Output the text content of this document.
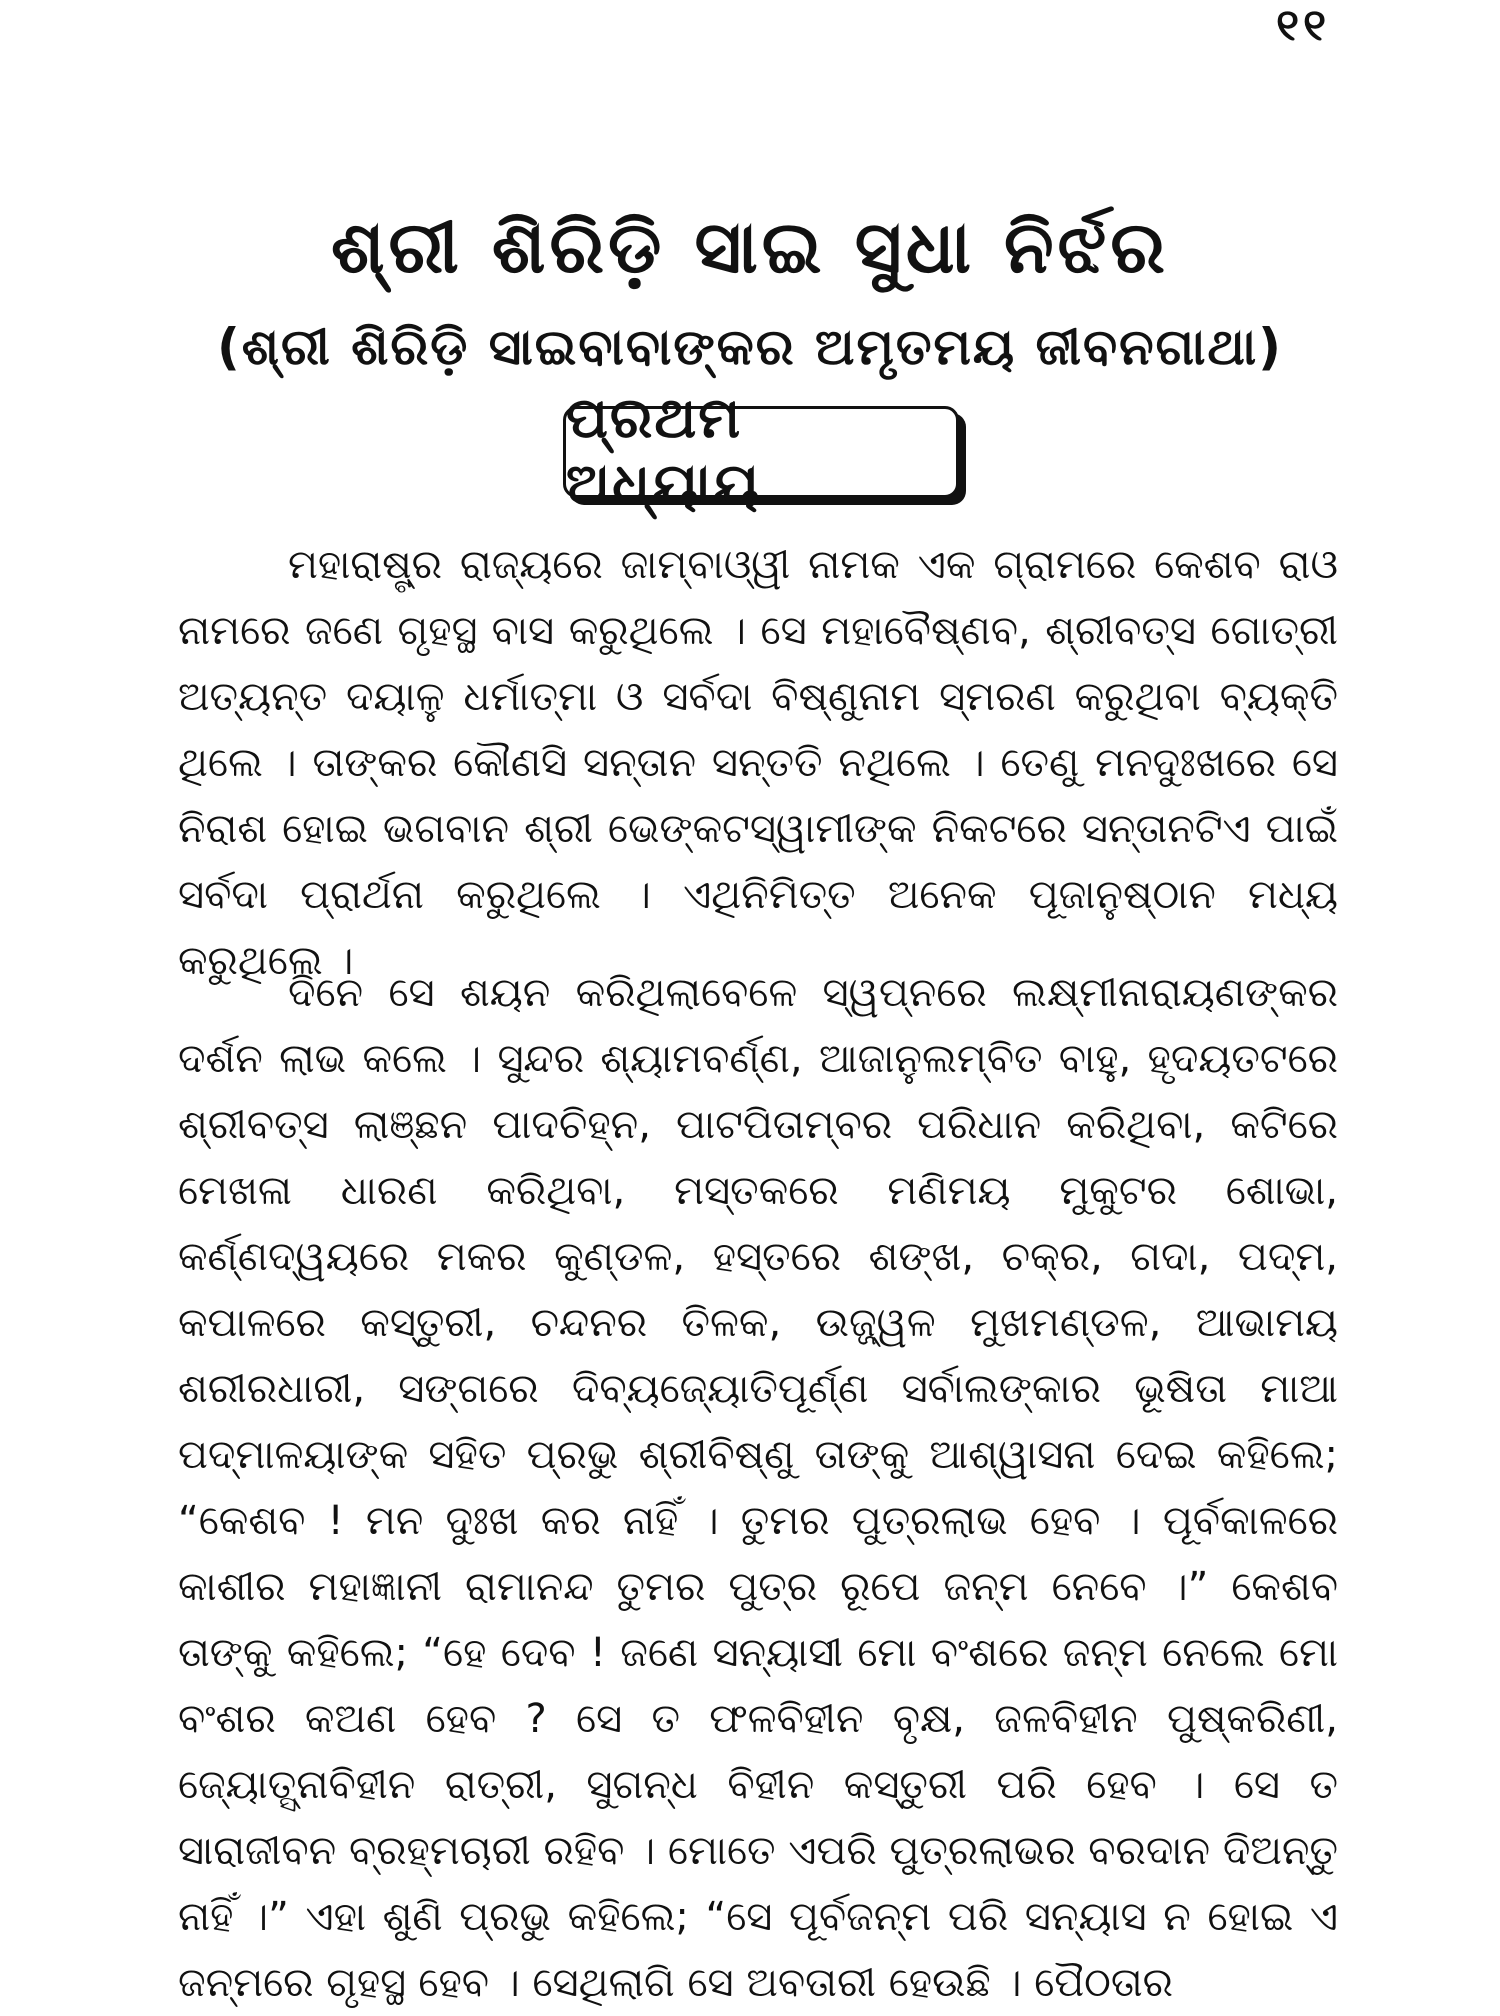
୧୧
ଶ୍ରୀ ଶିରିଡ଼ି ସାଇ ସୁଧା ନିର୍ଝର
(ଶ୍ରୀ ଶିରିଡ଼ି ସାଇବାବାଙ୍କର ଅମୃତମୟ ଜୀବନଗାଥା)
ପ୍ରଥମ ଅଧ୍ୟାୟ

ମହାରାଷ୍ଟ୍ର ରାଜ୍ୟରେ ଜାମ୍‌ବାଓ୍ୱୀ ନାମକ ଏକ ଗ୍ରାମରେ କେଶବ ରାଓ ନାମରେ ଜଣେ ଗୃହସ୍ଥ ବାସ କରୁଥିଲେ । ସେ ମହାବୈଷ୍ଣବ, ଶ୍ରୀବତ୍ସ ଗୋତ୍ରୀ ଅତ୍ୟନ୍ତ ଦୟାଳୁ ଧର୍ମାତ୍ମା ଓ ସର୍ବଦା ବିଷ୍ଣୁନାମ ସ୍ମରଣ କରୁଥିବା ବ୍ୟକ୍ତି ଥିଲେ । ତାଙ୍କର କୌଣସି ସନ୍ତାନ ସନ୍ତତି ନଥିଲେ । ତେଣୁ ମନଦୁଃଖରେ ସେ ନିରାଶ ହୋଇ ଭଗବାନ ଶ୍ରୀ ଭେଙ୍କଟସ୍ୱାମୀଙ୍କ ନିକଟରେ ସନ୍ତାନଟିଏ ପାଇଁ ସର୍ବଦା ପ୍ରାର୍ଥନା କରୁଥିଲେ । ଏଥିନିମିତ୍ତ ଅନେକ ପୂଜାନୁଷ୍ଠାନ ମଧ୍ୟ କରୁଥିଲେ ।

ଦିନେ ସେ ଶୟନ କରିଥିଲାବେଳେ ସ୍ୱପ୍ନରେ ଲକ୍ଷ୍ମୀନାରାୟଣଙ୍କର ଦର୍ଶନ ଲାଭ କଲେ । ସୁନ୍ଦର ଶ୍ୟାମବର୍ଣ୍ଣ, ଆଜାନୁଲମ୍ବିତ ବାହୁ, ହୃଦୟତଟରେ ଶ୍ରୀବତ୍ସ ଲାଞ୍ଛନ ପାଦଚିହ୍ନ, ପାଟପିତାମ୍ବର ପରିଧାନ କରିଥିବା, କଟିରେ ମେଖଳା ଧାରଣ କରିଥିବା, ମସ୍ତକରେ ମଣିମୟ ମୁକୁଟର ଶୋଭା, କର୍ଣ୍ଣଦ୍ୱୟରେ ମକର କୁଣ୍ଡଳ, ହସ୍ତରେ ଶଙ୍ଖ, ଚକ୍ର, ଗଦା, ପଦ୍ମ, କପାଳରେ କସ୍ତୁରୀ, ଚନ୍ଦନର ତିଳକ, ଉଜ୍ଜ୍ୱଳ ମୁଖମଣ୍ଡଳ, ଆଭାମୟ ଶରୀରଧାରୀ, ସଙ୍ଗରେ ଦିବ୍ୟଜ୍ୟୋତିପୂର୍ଣ୍ଣ ସର୍ବାଲଙ୍କାର ଭୂଷିତା ମାଆ ପଦ୍ମାଳୟାଙ୍କ ସହିତ ପ୍ରଭୁ ଶ୍ରୀବିଷ୍ଣୁ ତାଙ୍କୁ ଆଶ୍ୱାସନା ଦେଇ କହିଲେ; “କେଶବ ! ମନ ଦୁଃଖ କର ନାହିଁ । ତୁମର ପୁତ୍ରଲାଭ ହେବ । ପୂର୍ବକାଳରେ କାଶୀର ମହାଜ୍ଞାନୀ ରାମାନନ୍ଦ ତୁମର ପୁତ୍ର ରୂପେ ଜନ୍ମ ନେବେ ।” କେଶବ ତାଙ୍କୁ କହିଲେ; “ହେ ଦେବ ! ଜଣେ ସନ୍ୟାସୀ ମୋ ବଂଶରେ ଜନ୍ମ ନେଲେ ମୋ ବଂଶର କଅଣ ହେବ ? ସେ ତ ଫଳବିହୀନ ବୃକ୍ଷ, ଜଳବିହୀନ ପୁଷ୍କରିଣୀ, ଜ୍ୟୋତ୍ସ୍ନାବିହୀନ ରାତ୍ରୀ, ସୁଗନ୍ଧ ବିହୀନ କସ୍ତୁରୀ ପରି ହେବ । ସେ ତ ସାରାଜୀବନ ବ୍ରହ୍ମଚାରୀ ରହିବ । ମୋତେ ଏପରି ପୁତ୍ରଲାଭର ବରଦାନ ଦିଅନ୍ତୁ ନାହିଁ ।” ଏହା ଶୁଣି ପ୍ରଭୁ କହିଲେ; “ସେ ପୂର୍ବଜନ୍ମ ପରି ସନ୍ୟାସ ନ ହୋଇ ଏ ଜନ୍ମରେ ଗୃହସ୍ଥ ହେବ । ସେଥିଲାଗି ସେ ଅବତାରୀ ହେଉଛି । ପୈଠତାର
